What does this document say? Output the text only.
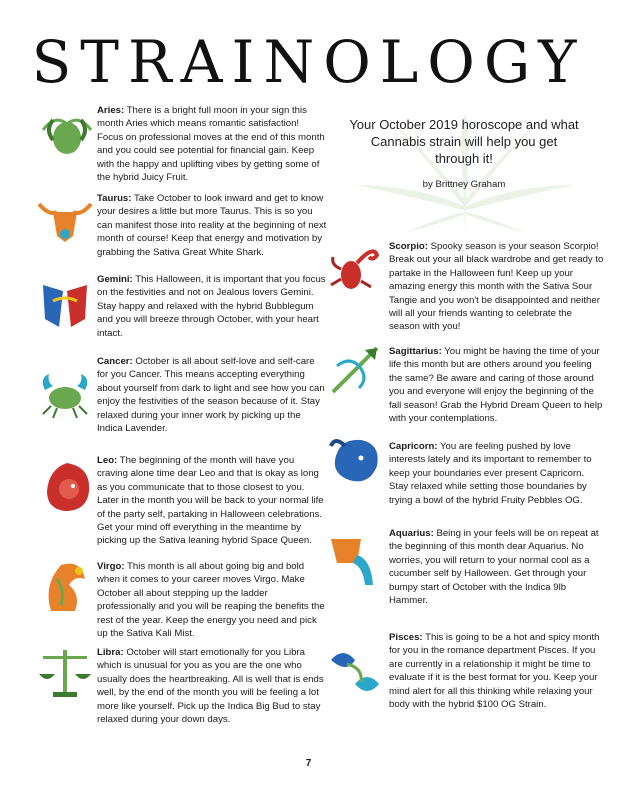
STRAINOLOGY
Your October 2019 horoscope and what Cannabis strain will help you get through it!
by Brittney Graham
Aries: There is a bright full moon in your sign this month Aries which means romantic satisfaction! Focus on professional moves at the end of this month and you could see potential for financial gain. Keep with the happy and uplifting vibes by getting some of the hybrid Juicy Fruit.
Taurus: Take October to look inward and get to know your desires a little but more Taurus. This is so you can manifest those into reality at the beginning of next month of course! Keep that energy and motivation by grabbing the Sativa Great White Shark.
Gemini: This Halloween, it is important that you focus on the festivities and not on Jealous lovers Gemini. Stay happy and relaxed with the hybrid Bubblegum and you will breeze through October, with your heart intact.
Cancer: October is all about self-love and self-care for you Cancer. This means accepting everything about yourself from dark to light and see how you can enjoy the festivities of the season because of it. Stay relaxed during your inner work by picking up the Indica Lavender.
Leo: The beginning of the month will have you craving alone time dear Leo and that is okay as long as you communicate that to those closest to you. Later in the month you will be back to your normal life of the party self, partaking in Halloween celebrations. Get your mind off everything in the meantime by picking up the Sativa leaning hybrid Space Queen.
Virgo: This month is all about going big and bold when it comes to your career moves Virgo. Make October all about stepping up the ladder professionally and you will be reaping the benefits the rest of the year. Keep the energy you need and pick up the Sativa Kali Mist.
Libra: October will start emotionally for you Libra which is unusual for you as you are the one who usually does the heartbreaking. All is well that is ends well, by the end of the month you will be feeling a lot more like yourself. Pick up the Indica Big Bud to stay relaxed during your down days.
Scorpio: Spooky season is your season Scorpio! Break out your all black wardrobe and get ready to partake in the Halloween fun! Keep up your amazing energy this month with the Sativa Sour Tangie and you won't be disappointed and neither will all your friends wanting to celebrate the season with you!
Sagittarius: You might be having the time of your life this month but are others around you feeling the same? Be aware and caring of those around you and everyone will enjoy the beginning of the fall season! Grab the Hybrid Dream Queen to help with your contemplations.
Capricorn: You are feeling pushed by love interests lately and its important to remember to keep your boundaries ever present Capricorn. Stay relaxed while setting those boundaries by trying a bowl of the hybrid Fruity Pebbles OG.
Aquarius: Being in your feels will be on repeat at the beginning of this month dear Aquarius. No worries, you will return to your normal cool as a cucumber self by Halloween. Get through your bumpy start of October with the Indica 9lb Hammer.
Pisces: This is going to be a hot and spicy month for you in the romance department Pisces. If you are currently in a relationship it might be time to evaluate if it is the best format for you. Keep your mind alert for all this thinking while relaxing your body with the hybrid $100 OG Strain.
7
